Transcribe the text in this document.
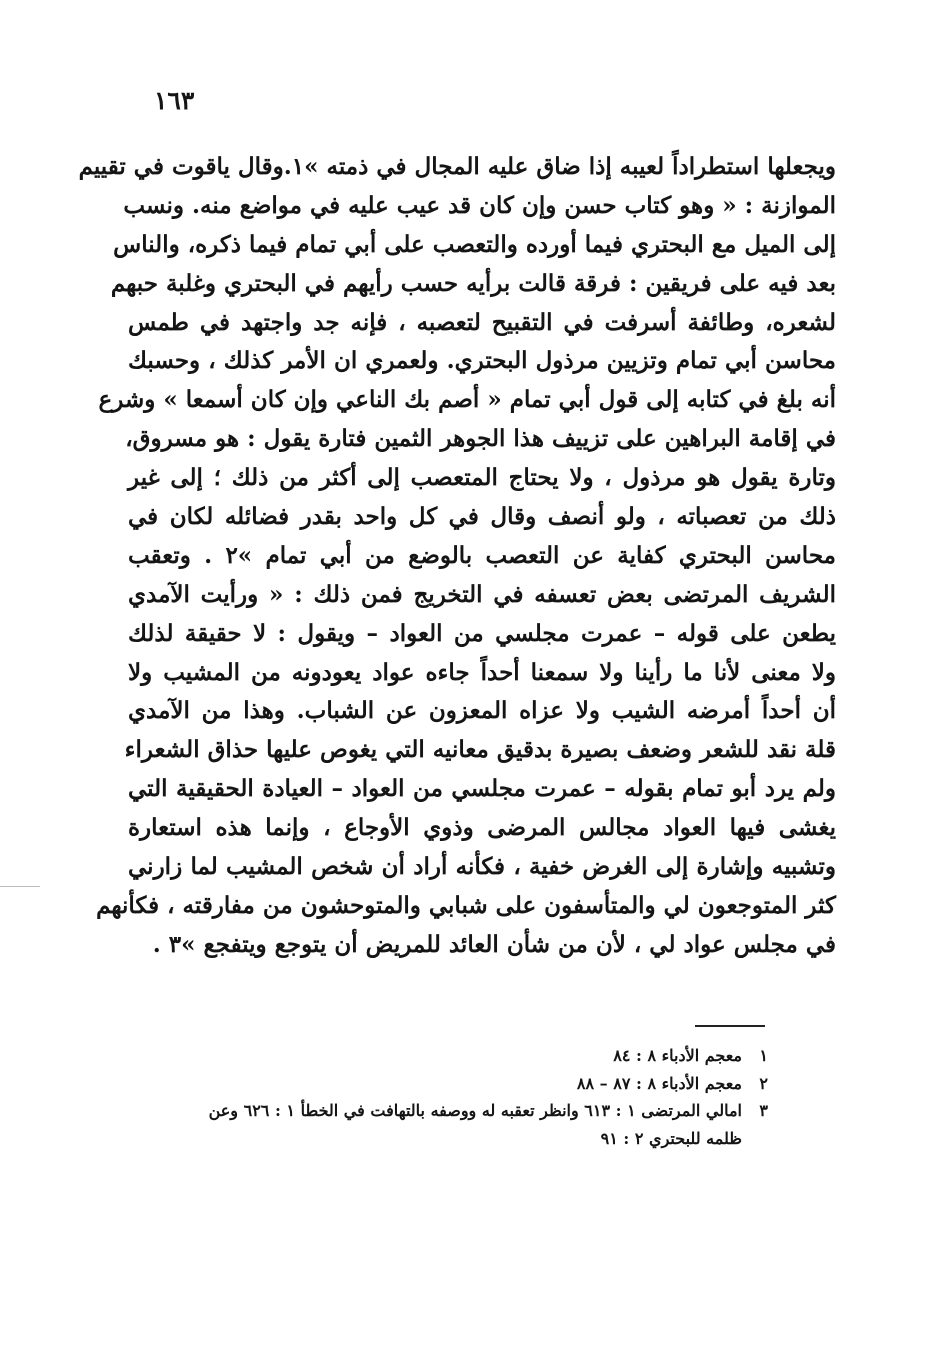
١٦٣
ويجعلها استطراداً لعيبه إذا ضاق عليه المجال في ذمته »١.وقال ياقوت في تقييم
الموازنة : « وهو كتاب حسن وإن كان قد عيب عليه في مواضع منه. ونسب
إلى الميل مع البحتري فيما أورده والتعصب على أبي تمام فيما ذكره، والناس
بعد فيه على فريقين : فرقة قالت برأيه حسب رأيهم في البحتري وغلبة حبهم
لشعره، وطائفة أسرفت في التقبيح لتعصبه ، فإنه جد واجتهد في طمس
محاسن أبي تمام وتزيين مرذول البحتري. ولعمري ان الأمر كذلك ، وحسبك
أنه بلغ في كتابه إلى قول أبي تمام « أصم بك الناعي وإن كان أسمعا » وشرع
في إقامة البراهين على تزييف هذا الجوهر الثمين فتارة يقول : هو مسروق،
وتارة يقول هو مرذول ، ولا يحتاج المتعصب إلى أكثر من ذلك ؛ إلى غير
ذلك من تعصباته ، ولو أنصف وقال في كل واحد بقدر فضائله لكان في
محاسن البحتري كفاية عن التعصب بالوضع من أبي تمام »٢ . وتعقب
الشريف المرتضى بعض تعسفه في التخريج فمن ذلك : « ورأيت الآمدي
يطعن على قوله – عمرت مجلسي من العواد – ويقول : لا حقيقة لذلك
ولا معنى لأنا ما رأينا ولا سمعنا أحداً جاءه عواد يعودونه من المشيب ولا
أن أحداً أمرضه الشيب ولا عزاه المعزون عن الشباب. وهذا من الآمدي
قلة نقد للشعر وضعف بصيرة بدقيق معانيه التي يغوص عليها حذاق الشعراء
ولم يرد أبو تمام بقوله – عمرت مجلسي من العواد – العيادة الحقيقية التي
يغشى فيها العواد مجالس المرضى وذوي الأوجاع ، وإنما هذه استعارة
وتشبيه وإشارة إلى الغرض خفية ، فكأنه أراد أن شخص المشيب لما زارني
كثر المتوجعون لي والمتأسفون على شبابي والمتوحشون من مفارقته ، فكأنهم
في مجلس عواد لي ، لأن من شأن العائد للمريض أن يتوجع ويتفجع »٣ .
١معجم الأدباء ٨ : ٨٤
٢معجم الأدباء ٨ : ٨٧ – ٨٨
٣امالي المرتضى ١ : ٦١٣ وانظر تعقبه له ووصفه بالتهافت في الخطأ ١ : ٦٢٦ وعن
ظلمه للبحتري ٢ : ٩١
